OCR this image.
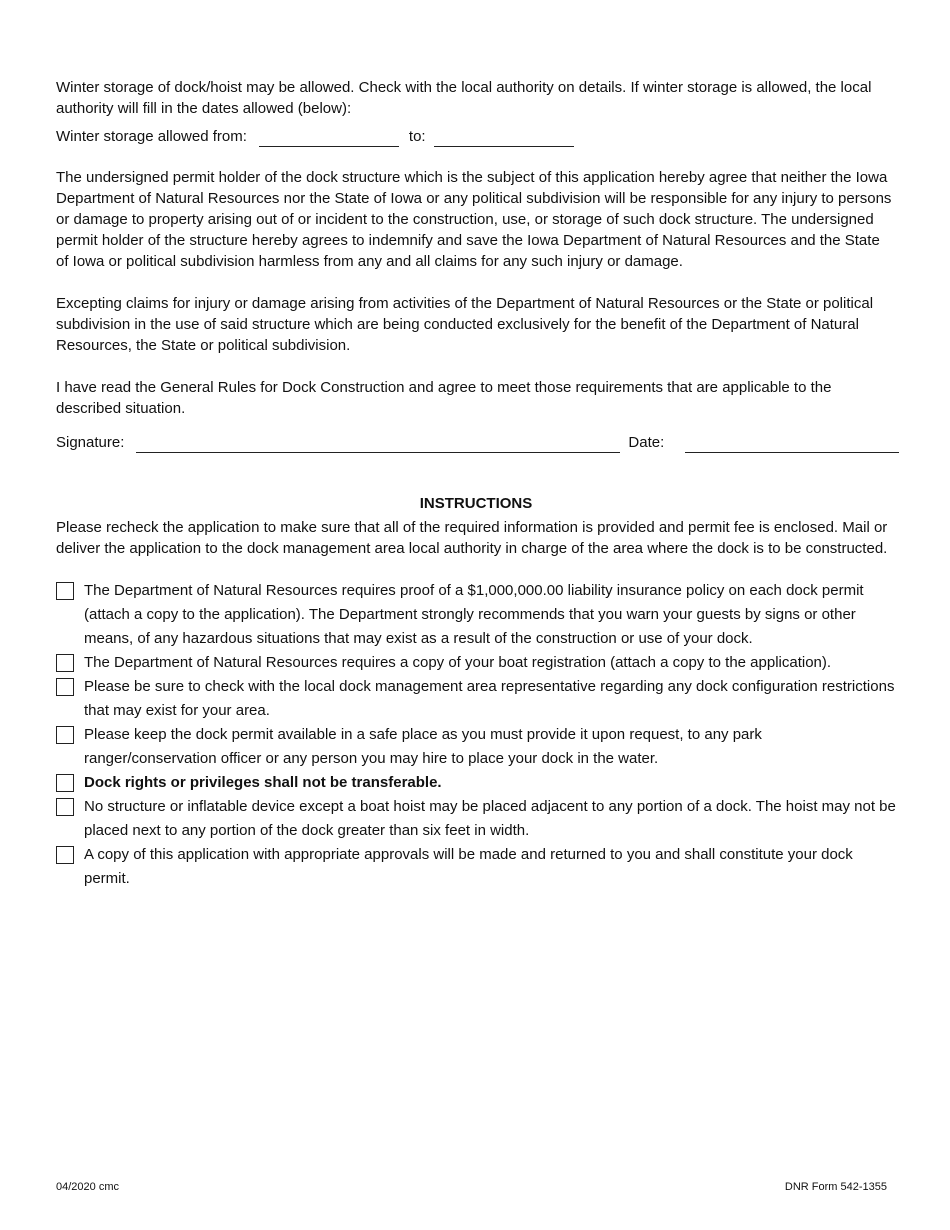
Winter storage of dock/hoist may be allowed. Check with the local authority on details. If winter storage is allowed, the local authority will fill in the dates allowed (below):

Winter storage allowed from:	to:

The undersigned permit holder of the dock structure which is the subject of this application hereby agree that neither the Iowa Department of Natural Resources nor the State of Iowa or any political subdivision will be responsible for any injury to persons or damage to property arising out of or incident to the construction, use, or storage of such dock structure. The undersigned permit holder of the structure hereby agrees to indemnify and save the Iowa Department of Natural Resources and the State of Iowa or political subdivision harmless from any and all claims for any such injury or damage.

Excepting claims for injury or damage arising from activities of the Department of Natural Resources or the State or political subdivision in the use of said structure which are being conducted exclusively for the benefit of the Department of Natural Resources, the State or political subdivision.

I have read the General Rules for Dock Construction and agree to meet those requirements that are applicable to the described situation.

Signature:	Date:
INSTRUCTIONS

Please recheck the application to make sure that all of the required information is provided and permit fee is enclosed. Mail or deliver the application to the dock management area local authority in charge of the area where the dock is to be constructed.

The Department of Natural Resources requires proof of a $1,000,000.00 liability insurance policy on each dock permit (attach a copy to the application). The Department strongly recommends that you warn your guests by signs or other means, of any hazardous situations that may exist as a result of the construction or use of your dock.
The Department of Natural Resources requires a copy of your boat registration (attach a copy to the application).
Please be sure to check with the local dock management area representative regarding any dock configuration restrictions that may exist for your area.
Please keep the dock permit available in a safe place as you must provide it upon request, to any park ranger/conservation officer or any person you may hire to place your dock in the water.
Dock rights or privileges shall not be transferable.
No structure or inflatable device except a boat hoist may be placed adjacent to any portion of a dock. The hoist may not be placed next to any portion of the dock greater than six feet in width.
A copy of this application with appropriate approvals will be made and returned to you and shall constitute your dock permit.
04/2020 cmc	DNR Form 542-1355
